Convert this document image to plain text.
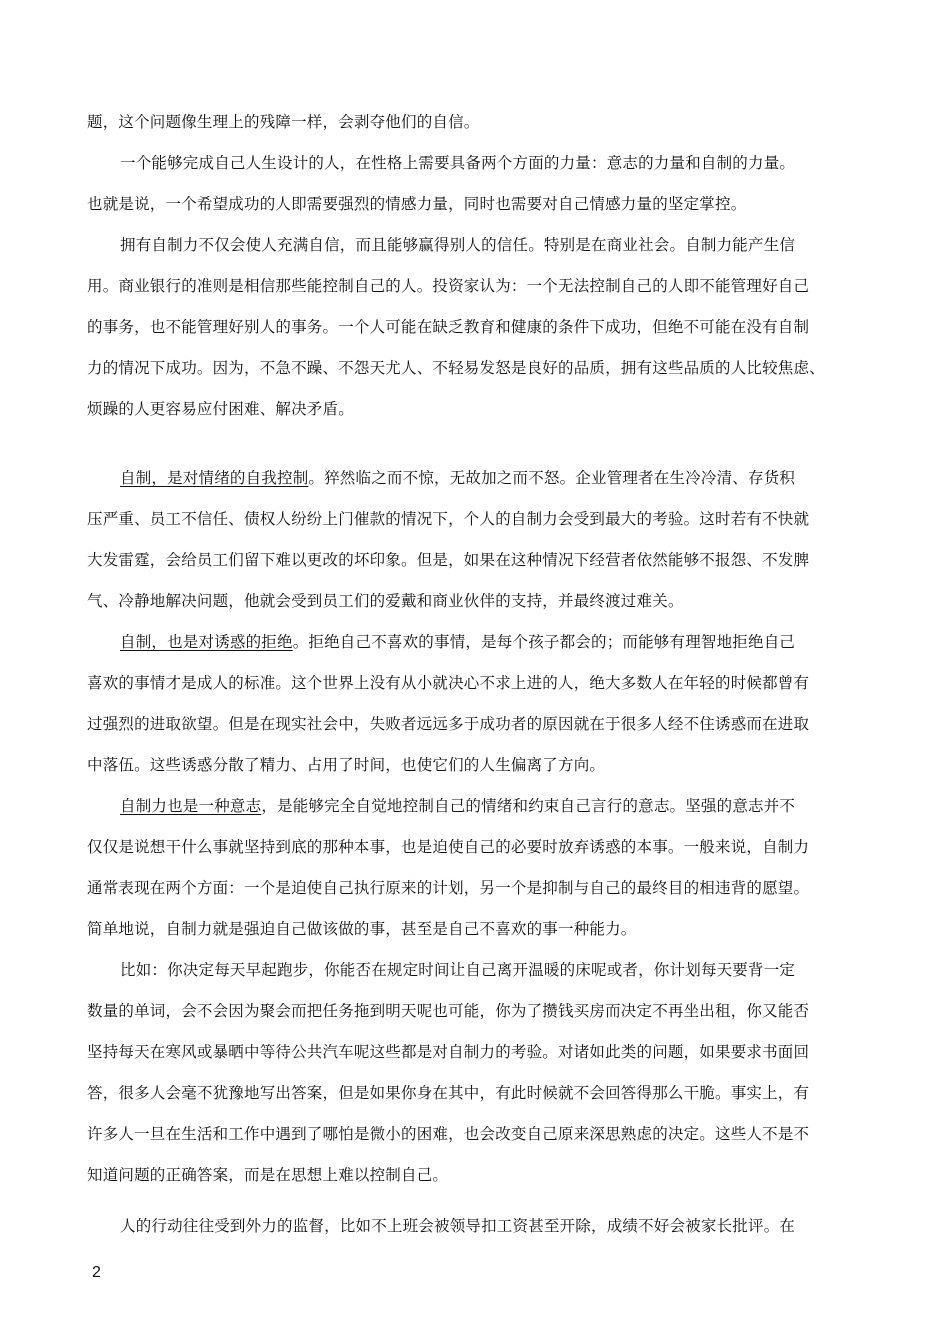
题，这个问题像生理上的残障一样，会剥夺他们的自信。
一个能够完成自己人生设计的人，在性格上需要具备两个方面的力量：意志的力量和自制的力量。
也就是说，一个希望成功的人即需要强烈的情感力量，同时也需要对自己情感力量的坚定掌控。
拥有自制力不仅会使人充满自信，而且能够赢得别人的信任。特别是在商业社会。自制力能产生信
用。商业银行的准则是相信那些能控制自己的人。投资家认为：一个无法控制自己的人即不能管理好自己
的事务，也不能管理好别人的事务。一个人可能在缺乏教育和健康的条件下成功，但绝不可能在没有自制
力的情况下成功。因为，不急不躁、不怨天尤人、不轻易发怒是良好的品质，拥有这些品质的人比较焦虑、
烦躁的人更容易应付困难、解决矛盾。
自制，是对情绪的自我控制。猝然临之而不惊，无故加之而不怒。企业管理者在生冷冷清、存货积
压严重、员工不信任、债权人纷纷上门催款的情况下，个人的自制力会受到最大的考验。这时若有不快就
大发雷霆，会给员工们留下难以更改的坏印象。但是，如果在这种情况下经营者依然能够不报怨、不发脾
气、冷静地解决问题，他就会受到员工们的爱戴和商业伙伴的支持，并最终渡过难关。
自制，也是对诱惑的拒绝。拒绝自己不喜欢的事情，是每个孩子都会的；而能够有理智地拒绝自己
喜欢的事情才是成人的标准。这个世界上没有从小就决心不求上进的人，绝大多数人在年轻的时候都曾有
过强烈的进取欲望。但是在现实社会中，失败者远远多于成功者的原因就在于很多人经不住诱惑而在进取
中落伍。这些诱惑分散了精力、占用了时间，也使它们的人生偏离了方向。
自制力也是一种意志，是能够完全自觉地控制自己的情绪和约束自己言行的意志。坚强的意志并不
仅仅是说想干什么事就坚持到底的那种本事，也是迫使自己的必要时放弃诱惑的本事。一般来说，自制力
通常表现在两个方面：一个是迫使自己执行原来的计划，另一个是抑制与自己的最终目的相违背的愿望。
简单地说，自制力就是强迫自己做该做的事，甚至是自己不喜欢的事一种能力。
比如：你决定每天早起跑步，你能否在规定时间让自己离开温暖的床呢或者，你计划每天要背一定
数量的单词，会不会因为聚会而把任务拖到明天呢也可能，你为了攒钱买房而决定不再坐出租，你又能否
坚持每天在寒风或暴晒中等待公共汽车呢这些都是对自制力的考验。对诸如此类的问题，如果要求书面回
答，很多人会毫不犹豫地写出答案，但是如果你身在其中，有此时候就不会回答得那么干脆。事实上，有
许多人一旦在生活和工作中遇到了哪怕是微小的困难，也会改变自己原来深思熟虑的决定。这些人不是不
知道问题的正确答案，而是在思想上难以控制自己。
人的行动往往受到外力的监督，比如不上班会被领导扣工资甚至开除，成绩不好会被家长批评。在
2
